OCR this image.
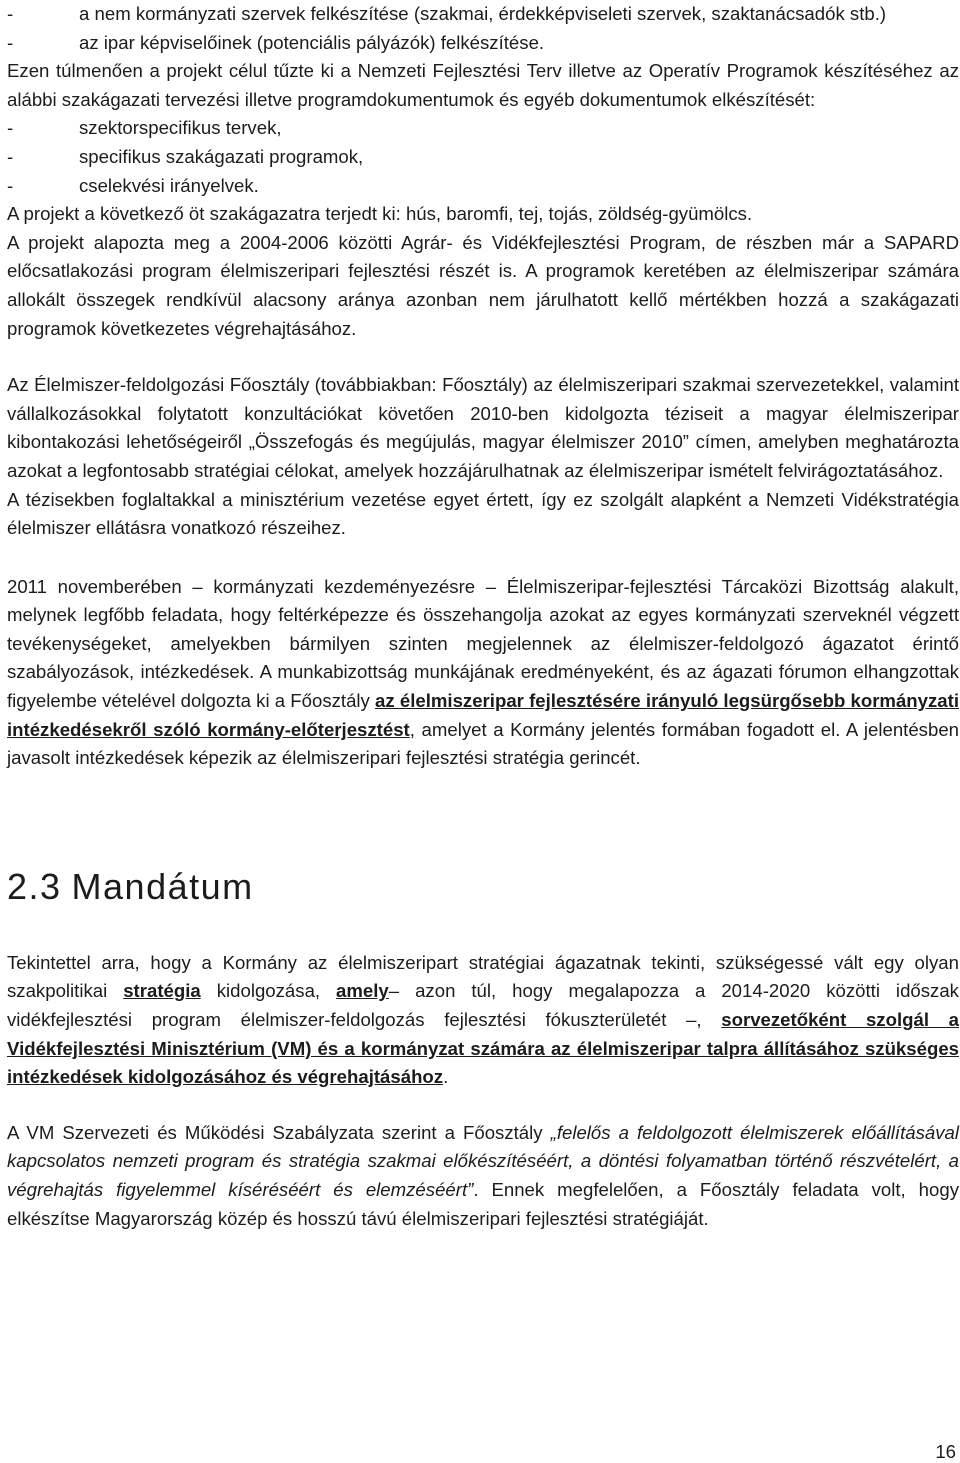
-	a nem kormányzati szervek felkészítése (szakmai, érdekképviseleti szervek, szaktanácsadók stb.)

-	az ipar képviselőinek (potenciális pályázók) felkészítése.

Ezen túlmenően a projekt célul tűzte ki a Nemzeti Fejlesztési Terv illetve az Operatív Programok készítéséhez az alábbi szakágazati tervezési illetve programdokumentumok és egyéb dokumentumok elkészítését:

-	szektorspecifikus tervek,

-	specifikus szakágazati programok,

-	cselekvési irányelvek.

A projekt a következő öt szakágazatra terjedt ki: hús, baromfi, tej, tojás, zöldség-gyümölcs.

A projekt alapozta meg a 2004-2006 közötti Agrár- és Vidékfejlesztési Program, de részben már a SAPARD előcsatlakozási program élelmiszeripari fejlesztési részét is. A programok keretében az élelmiszeripar számára allokált összegek rendkívül alacsony aránya azonban nem járulhatott kellő mértékben hozzá a szakágazati programok következetes végrehajtásához.

Az Élelmiszer-feldolgozási Főosztály (továbbiakban: Főosztály) az élelmiszeripari szakmai szervezetekkel, valamint vállalkozásokkal folytatott konzultációkat követően 2010-ben kidolgozta téziseit a magyar élelmiszeripar kibontakozási lehetőségeiről „Összefogás és megújulás, magyar élelmiszer 2010” címen, amelyben meghatározta azokat a legfontosabb stratégiai célokat, amelyek hozzájárulhatnak az élelmiszeripar ismételt felvirágoztatásához.

A tézisekben foglaltakkal a minisztérium vezetése egyet értett, így ez szolgált alapként a Nemzeti Vidékstratégia élelmiszer ellátásra vonatkozó részeihez.

2011 novemberében – kormányzati kezdeményezésre – Élelmiszeripar-fejlesztési Tárcaközi Bizottság alakult, melynek legfőbb feladata, hogy feltérképezze és összehangolja azokat az egyes kormányzati szerveknél végzett tevékenységeket, amelyekben bármilyen szinten megjelennek az élelmiszer-feldolgozó ágazatot érintő szabályozások, intézkedések. A munkabizottság munkájának eredményeként, és az ágazati fórumon elhangzottak figyelembe vételével dolgozta ki a Főosztály az élelmiszeripar fejlesztésére irányuló legsürgősebb kormányzati intézkedésekről szóló kormány-előterjesztést, amelyet a Kormány jelentés formában fogadott el. A jelentésben javasolt intézkedések képezik az élelmiszeripari fejlesztési stratégia gerincét.

2.3 Mandátum

Tekintettel arra, hogy a Kormány az élelmiszeripart stratégiai ágazatnak tekinti, szükségessé vált egy olyan szakpolitikai stratégia kidolgozása, amely– azon túl, hogy megalapozza a 2014-2020 közötti időszak vidékfejlesztési program élelmiszer-feldolgozás fejlesztési fókuszterületét –, sorvezetőként szolgál a Vidékfejlesztési Minisztérium (VM) és a kormányzat számára az élelmiszeripar talpra állításához szükséges intézkedések kidolgozásához és végrehajtásához.

A VM Szervezeti és Működési Szabályzata szerint a Főosztály „felelős a feldolgozott élelmiszerek előállításával kapcsolatos nemzeti program és stratégia szakmai előkészítéséért, a döntési folyamatban történő részvételért, a végrehajtás figyelemmel kíséréséért és elemzéséért”. Ennek megfelelően, a Főosztály feladata volt, hogy elkészítse Magyarország közép és hosszú távú élelmiszeripari fejlesztési stratégiáját.

16
